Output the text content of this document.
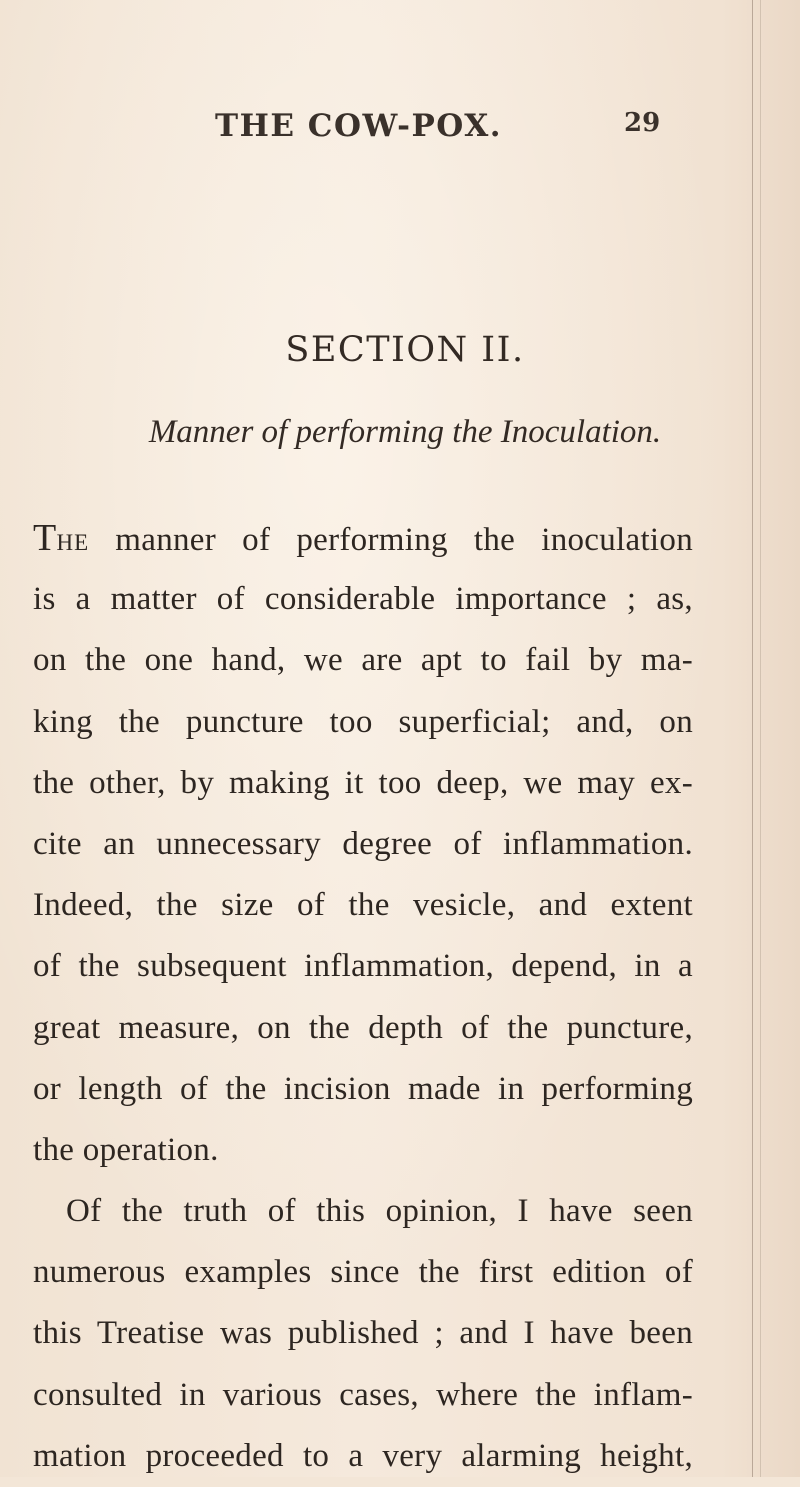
THE COW-POX.	29
SECTION II.
Manner of performing the Inoculation.
The manner of performing the inoculation
is a matter of considerable importance ; as,
on the one hand, we are apt to fail by ma-
king the puncture too superficial; and, on
the other, by making it too deep, we may ex-
cite an unnecessary degree of inflammation.
Indeed, the size of the vesicle, and extent
of the subsequent inflammation, depend, in a
great measure, on the depth of the puncture,
or length of the incision made in performing
the operation.
Of the truth of this opinion, I have seen
numerous examples since the first edition of
this Treatise was published ; and I have been
consulted in various cases, where the inflam-
mation proceeded to a very alarming height,
